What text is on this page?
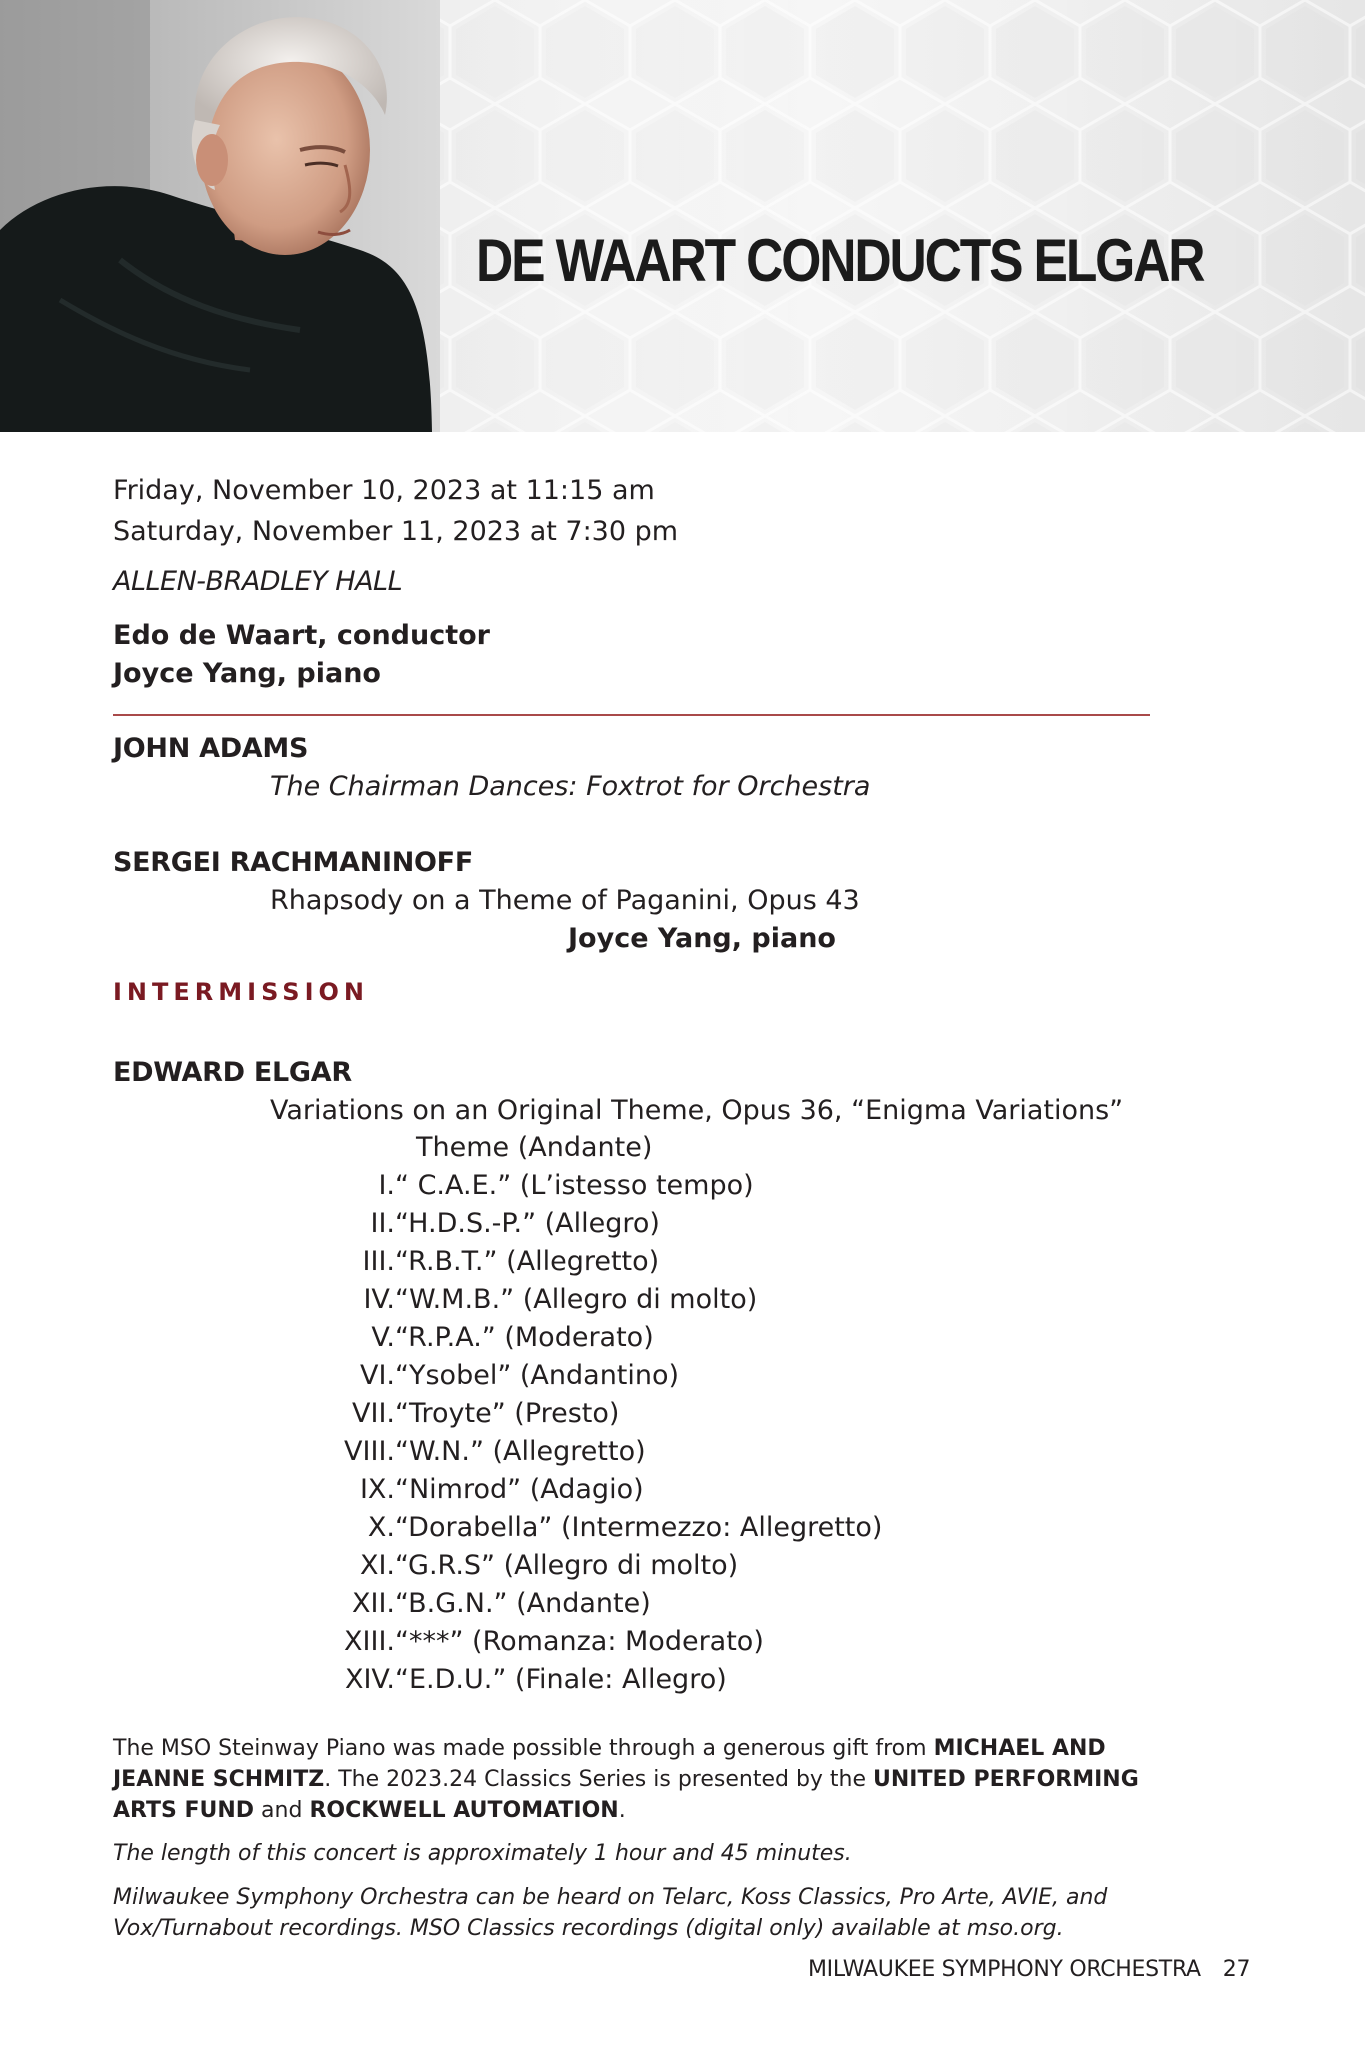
DE WAART CONDUCTS ELGAR
Friday, November 10, 2023 at 11:15 am
Saturday, November 11, 2023 at 7:30 pm
ALLEN-BRADLEY HALL
Edo de Waart, conductor
Joyce Yang, piano
JOHN ADAMS
The Chairman Dances: Foxtrot for Orchestra
SERGEI RACHMANINOFF
Rhapsody on a Theme of Paganini, Opus 43
Joyce Yang, piano
INTERMISSION
EDWARD ELGAR
Variations on an Original Theme, Opus 36, “Enigma Variations”
Theme (Andante)
I. “ C.A.E.” (L’istesso tempo)
II. “H.D.S.-P.” (Allegro)
III. “R.B.T.” (Allegretto)
IV. “W.M.B.” (Allegro di molto)
V. “R.P.A.” (Moderato)
VI. “Ysobel” (Andantino)
VII. “Troyte” (Presto)
VIII. “W.N.” (Allegretto)
IX. “Nimrod” (Adagio)
X. “Dorabella” (Intermezzo: Allegretto)
XI. “G.R.S” (Allegro di molto)
XII. “B.G.N.” (Andante)
XIII. “***” (Romanza: Moderato)
XIV. “E.D.U.” (Finale: Allegro)
The MSO Steinway Piano was made possible through a generous gift from MICHAEL AND JEANNE SCHMITZ. The 2023.24 Classics Series is presented by the UNITED PERFORMING ARTS FUND and ROCKWELL AUTOMATION.
The length of this concert is approximately 1 hour and 45 minutes.
Milwaukee Symphony Orchestra can be heard on Telarc, Koss Classics, Pro Arte, AVIE, and Vox/Turnabout recordings. MSO Classics recordings (digital only) available at mso.org.
MILWAUKEE SYMPHONY ORCHESTRA 27
